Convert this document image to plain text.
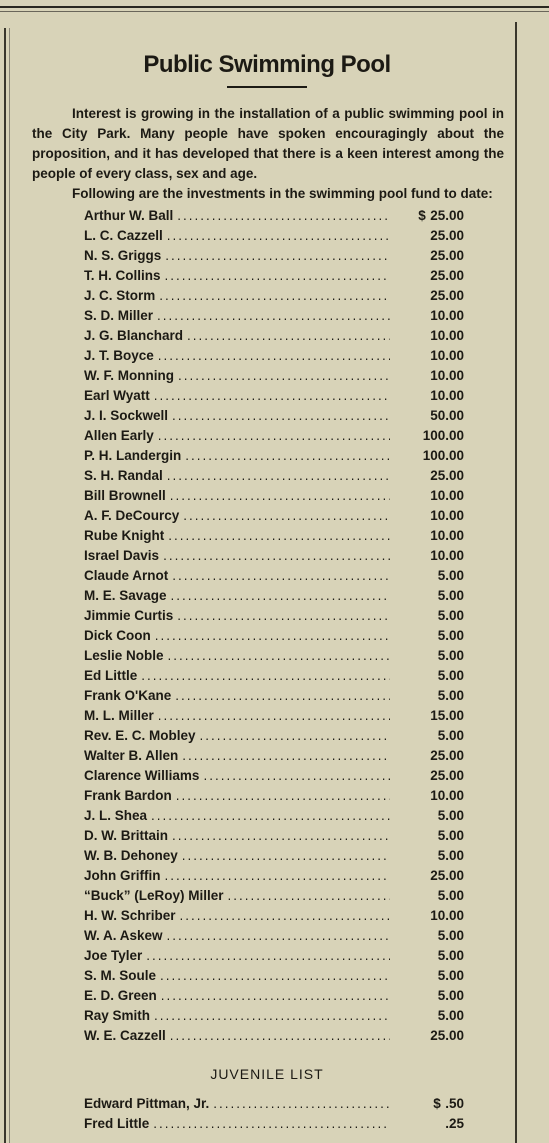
Public Swimming Pool

Interest is growing in the installation of a public swimming pool in the City Park. Many people have spoken encouragingly about the proposition, and it has developed that there is a keen interest among the people of every class, sex and age.

Following are the investments in the swimming pool fund to date:

Arthur W. Ball .....	$ 25.00
L. C. Cazzell .....	25.00
N. S. Griggs .....	25.00
T. H. Collins .....	25.00
J. C. Storm .....	25.00
S. D. Miller .....	10.00
J. G. Blanchard .....	10.00
J. T. Boyce .....	10.00
W. F. Monning .....	10.00
Earl Wyatt .....	10.00
J. I. Sockwell .....	50.00
Allen Early .....	100.00
P. H. Landergin .....	100.00
S. H. Randal .....	25.00
Bill Brownell .....	10.00
A. F. DeCourcy .....	10.00
Rube Knight .....	10.00
Israel Davis .....	10.00
Claude Arnot .....	5.00
M. E. Savage .....	5.00
Jimmie Curtis .....	5.00
Dick Coon .....	5.00
Leslie Noble .....	5.00
Ed Little .....	5.00
Frank O'Kane .....	5.00
M. L. Miller .....	15.00
Rev. E. C. Mobley .....	5.00
Walter B. Allen .....	25.00
Clarence Williams .....	25.00
Frank Bardon .....	10.00
J. L. Shea .....	5.00
D. W. Brittain .....	5.00
W. B. Dehoney .....	5.00
John Griffin .....	25.00
“Buck” (LeRoy) Miller .....	5.00
H. W. Schriber .....	10.00
W. A. Askew .....	5.00
Joe Tyler .....	5.00
S. M. Soule .....	5.00
E. D. Green .....	5.00
Ray Smith .....	5.00
W. E. Cazzell .....	25.00
JUVENILE LIST
Edward Pittman, Jr. .....	$ .50
Fred Little .....	.25
